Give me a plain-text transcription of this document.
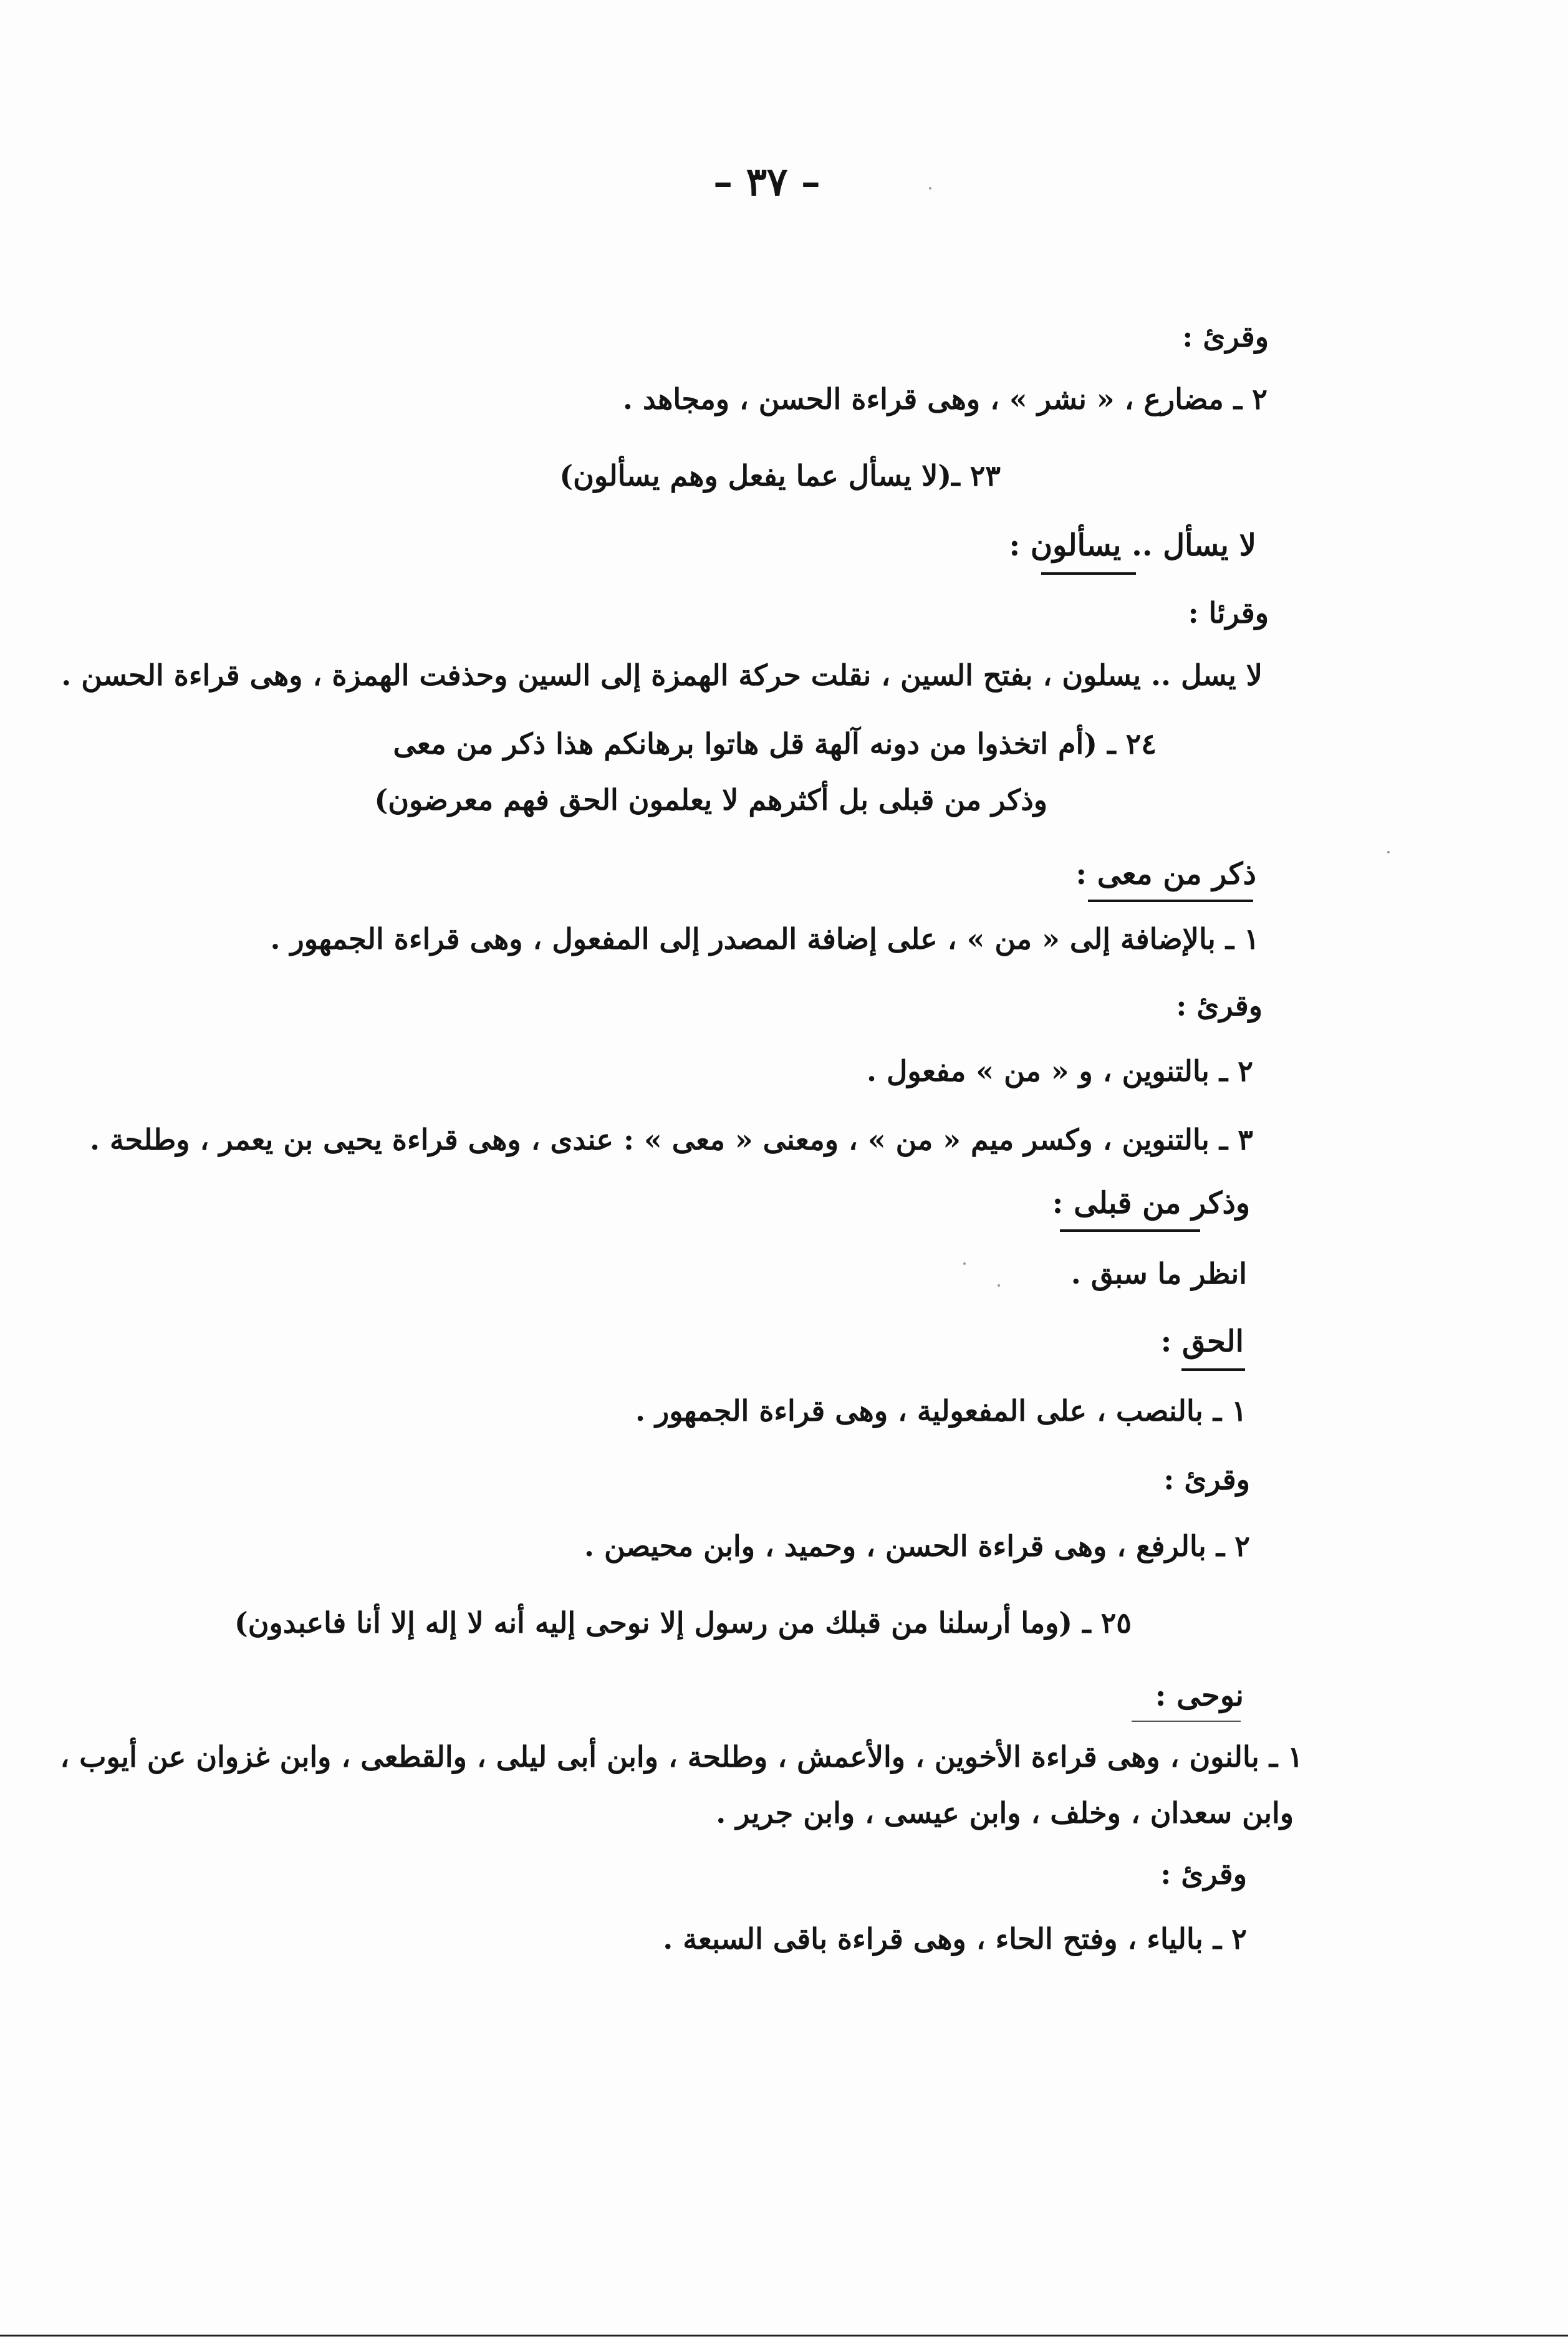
– ٣٧ –
وقرئ :
٢ ـ مضارع ، « نشر » ، وهى قراءة الحسن ، ومجاهد .
٢٣ ـ(لا يسأل عما يفعل وهم يسألون)
لا يسأل .. يسألون :
وقرئا :
لا يسل .. يسلون ، بفتح السين ، نقلت حركة الهمزة إلى السين وحذفت الهمزة ، وهى قراءة الحسن .
٢٤ ـ (أم اتخذوا من دونه آلهة قل هاتوا برهانكم هذا ذكر من معى
وذكر من قبلى بل أكثرهم لا يعلمون الحق فهم معرضون)
ذكر من معى :
١ ـ بالإضافة إلى « من » ، على إضافة المصدر إلى المفعول ، وهى قراءة الجمهور .
وقرئ :
٢ ـ بالتنوين ، و « من » مفعول .
٣ ـ بالتنوين ، وكسر ميم « من » ، ومعنى « معى » : عندى ، وهى قراءة يحيى بن يعمر ، وطلحة .
وذكر من قبلى :
انظر ما سبق .
الحق :
١ ـ بالنصب ، على المفعولية ، وهى قراءة الجمهور .
وقرئ :
٢ ـ بالرفع ، وهى قراءة الحسن ، وحميد ، وابن محيصن .
٢٥ ـ (وما أرسلنا من قبلك من رسول إلا نوحى إليه أنه لا إله إلا أنا فاعبدون)
نوحى :
١ ـ بالنون ، وهى قراءة الأخوين ، والأعمش ، وطلحة ، وابن أبى ليلى ، والقطعى ، وابن غزوان عن أيوب ،
وابن سعدان ، وخلف ، وابن عيسى ، وابن جرير .
وقرئ :
٢ ـ بالياء ، وفتح الحاء ، وهى قراءة باقى السبعة .
